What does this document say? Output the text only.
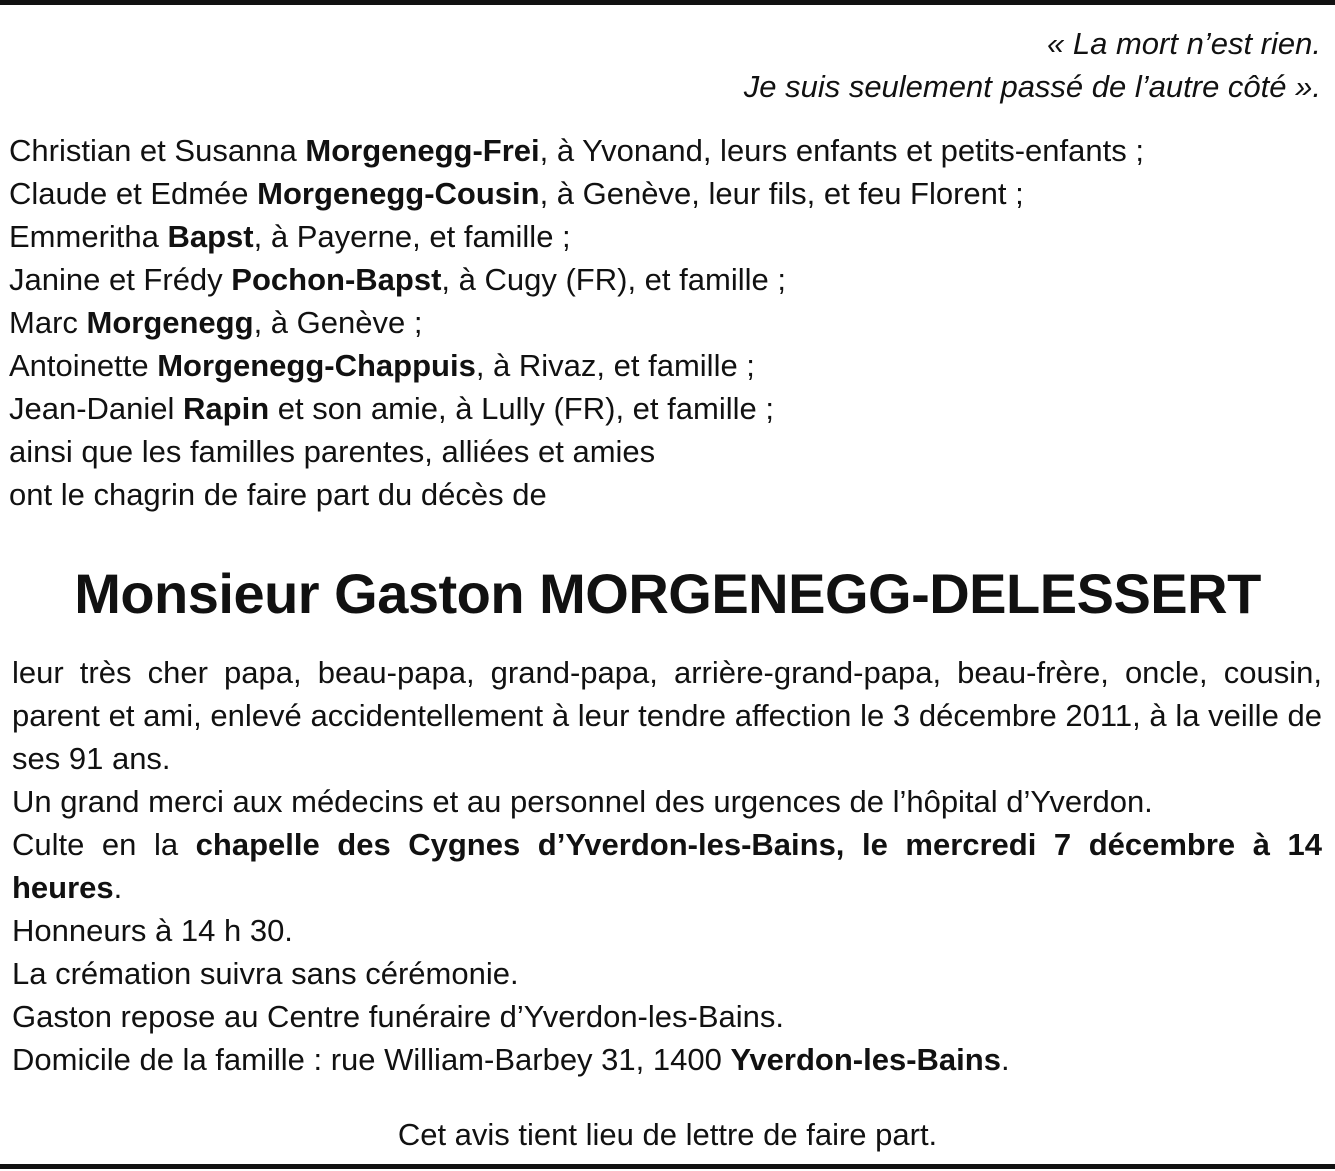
« La mort n’est rien.
Je suis seulement passé de l’autre côté ».
Christian et Susanna Morgenegg-Frei, à Yvonand, leurs enfants et petits-enfants ;
Claude et Edmée Morgenegg-Cousin, à Genève, leur fils, et feu Florent ;
Emmeritha Bapst, à Payerne, et famille ;
Janine et Frédy Pochon-Bapst, à Cugy (FR), et famille ;
Marc Morgenegg, à Genève ;
Antoinette Morgenegg-Chappuis, à Rivaz, et famille ;
Jean-Daniel Rapin et son amie, à Lully (FR), et famille ;
ainsi que les familles parentes, alliées et amies
ont le chagrin de faire part du décès de
Monsieur Gaston MORGENEGG-DELESSERT

leur très cher papa, beau-papa, grand-papa, arrière-grand-papa, beau-frère, oncle, cousin, parent et ami, enlevé accidentellement à leur tendre affection le 3 décembre 2011, à la veille de ses 91 ans.

Un grand merci aux médecins et au personnel des urgences de l’hôpital d’Yverdon.

Culte en la chapelle des Cygnes d’Yverdon-les-Bains, le mercredi 7 décembre à 14 heures.

Honneurs à 14 h 30.

La crémation suivra sans cérémonie.

Gaston repose au Centre funéraire d’Yverdon-les-Bains.

Domicile de la famille : rue William-Barbey 31, 1400 Yverdon-les-Bains.

Cet avis tient lieu de lettre de faire part.
